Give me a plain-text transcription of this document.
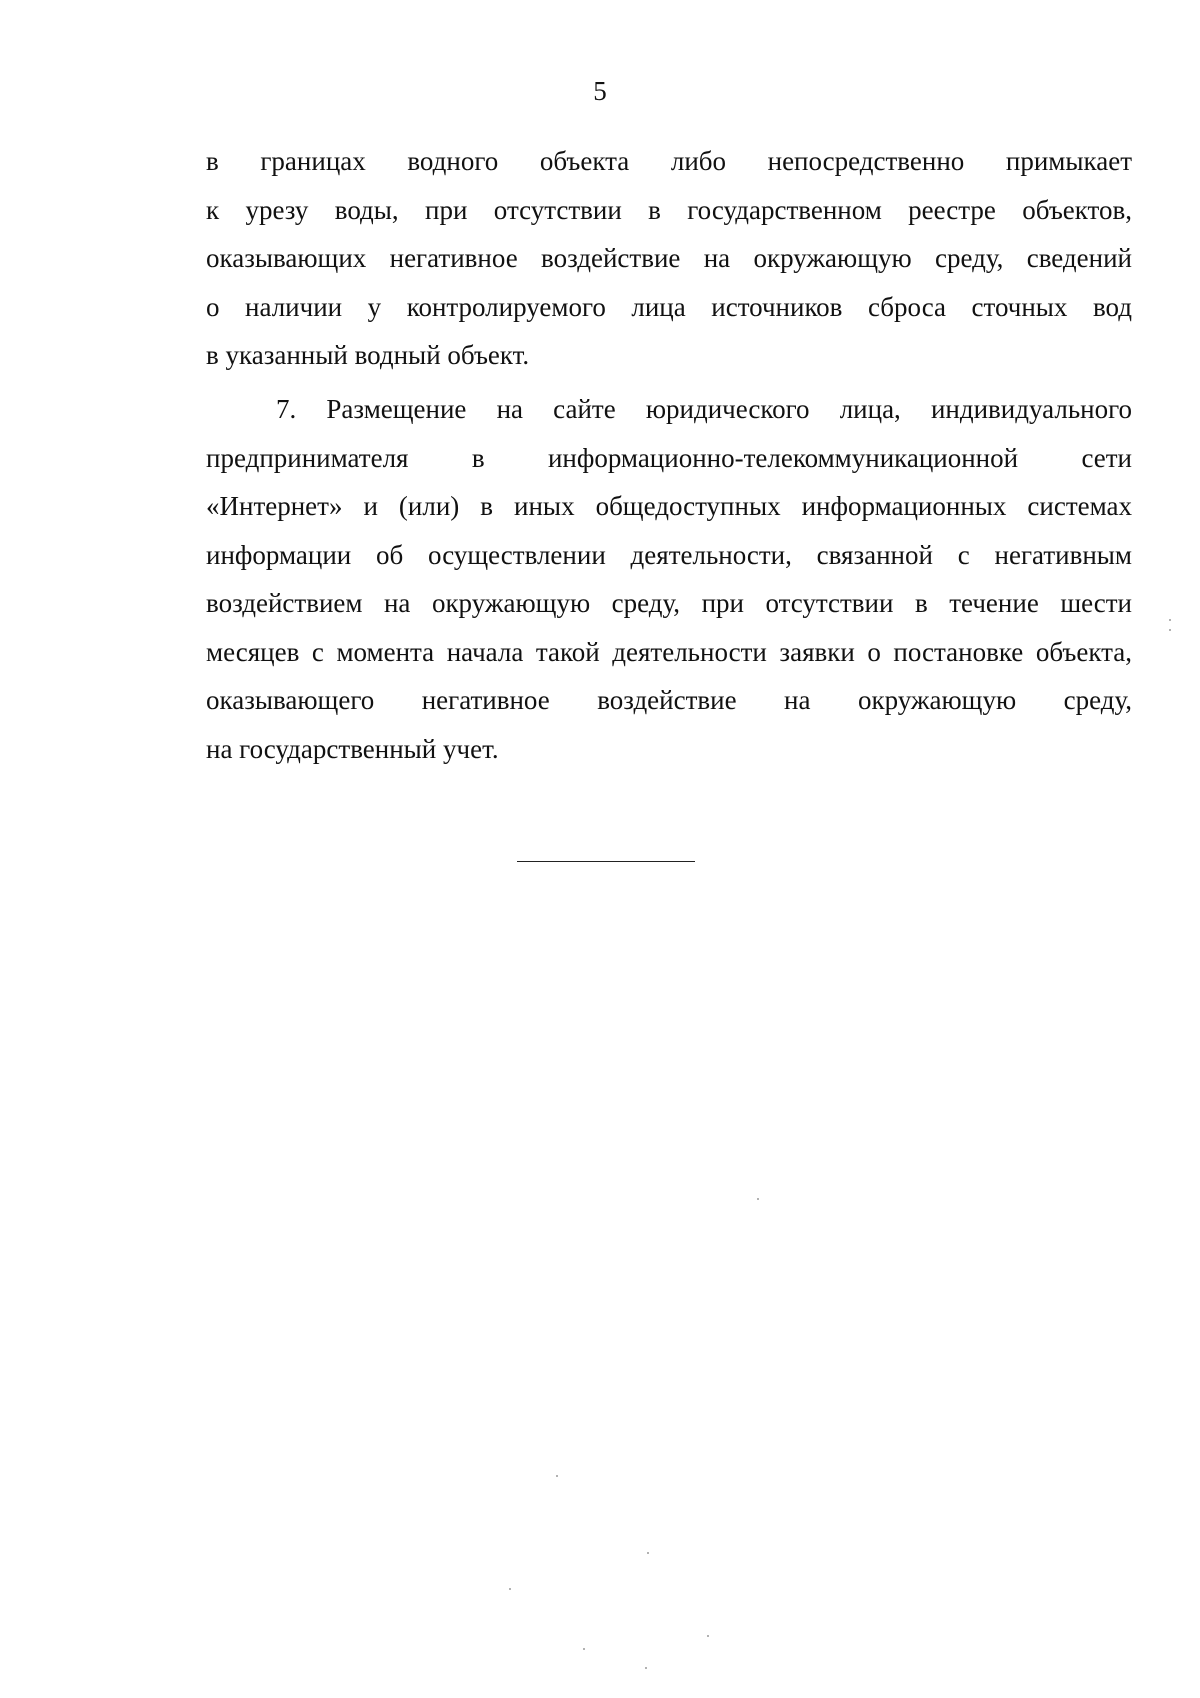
5
в границах водного объекта либо непосредственно примыкает
к урезу воды, при отсутствии в государственном реестре объектов,
оказывающих негативное воздействие на окружающую среду, сведений
о наличии у контролируемого лица источников сброса сточных вод
в указанный водный объект.
7. Размещение на сайте юридического лица, индивидуального
предпринимателя в информационно-телекоммуникационной сети
«Интернет» и (или) в иных общедоступных информационных системах
информации об осуществлении деятельности, связанной с негативным
воздействием на окружающую среду, при отсутствии в течение шести
месяцев с момента начала такой деятельности заявки о постановке объекта,
оказывающего негативное воздействие на окружающую среду,
на государственный учет.
